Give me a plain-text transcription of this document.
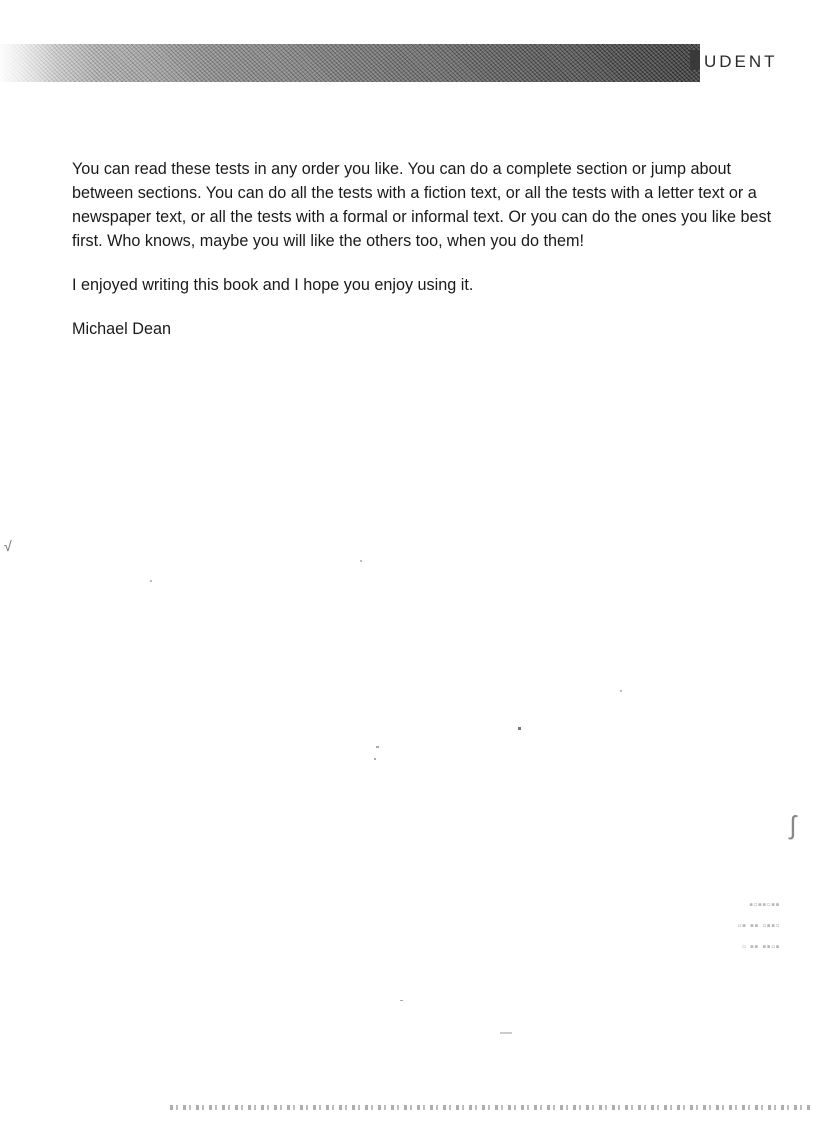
UDENT

You can read these tests in any order you like. You can do a complete section or jump about between sections. You can do all the tests with a fiction text, or all the tests with a letter text or a newspaper text, or all the tests with a formal or informal text. Or you can do the ones you like best first. Who knows, maybe you will like the others too, when you do them!

I enjoyed writing this book and I hope you enjoy using it.

Michael Dean

√
ʃ
▪▫▪▪▫▪▪
▫▪ ▪▪ ▫▪▪▫
▫ ▪▪ ▪▪▫▪
